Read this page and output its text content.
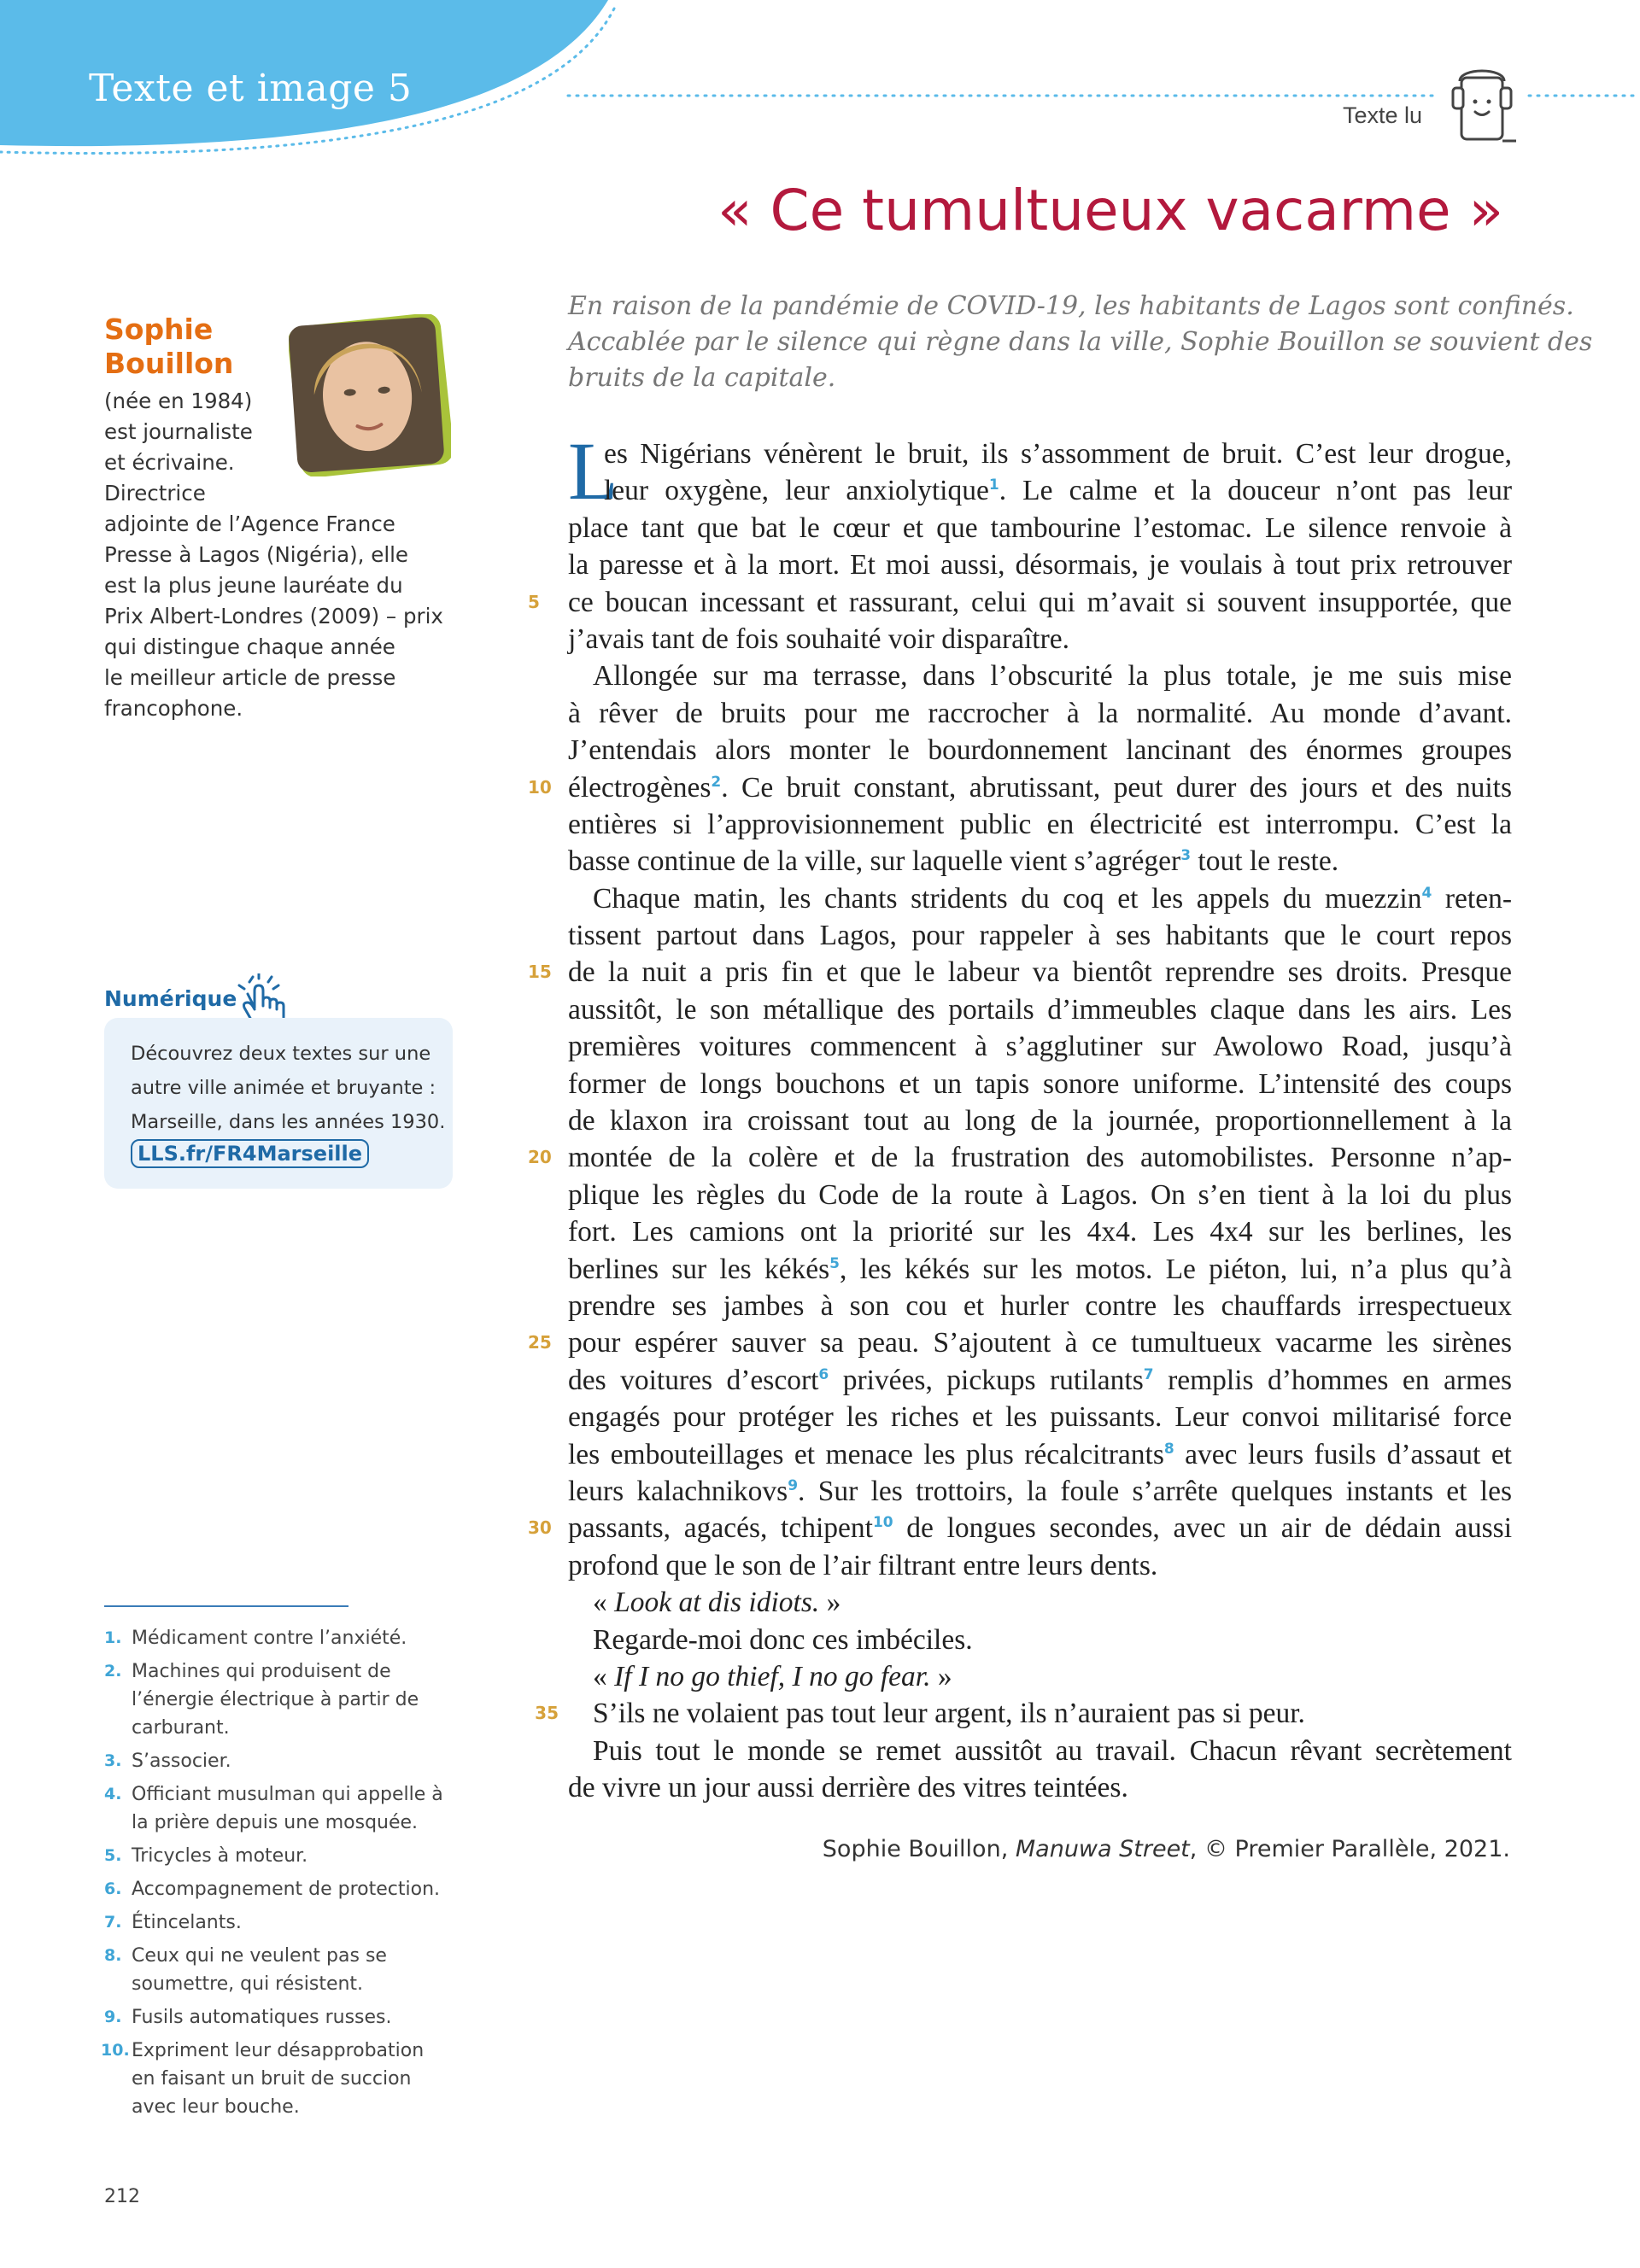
Texte et image 5
Texte lu
« Ce tumultueux vacarme »
Sophie
Bouillon
(née en 1984)
est journaliste
et écrivaine.
Directrice
adjointe de l’Agence France
Presse à Lagos (Nigéria), elle
est la plus jeune lauréate du
Prix Albert-Londres (2009) – prix
qui distingue chaque année
le meilleur article de presse
francophone.
Numérique
Découvrez deux textes sur une
autre ville animée et bruyante :
Marseille, dans les années 1930.
LLS.fr/FR4Marseille
1. Médicament contre l’anxiété.
2. Machines qui produisent de
l’énergie électrique à partir de
carburant.
3. S’associer.
4. Officiant musulman qui appelle à
la prière depuis une mosquée.
5. Tricycles à moteur.
6. Accompagnement de protection.
7. Étincelants.
8. Ceux qui ne veulent pas se
soumettre, qui résistent.
9. Fusils automatiques russes.
10. Expriment leur désapprobation
en faisant un bruit de succion
avec leur bouche.
212
En raison de la pandémie de COVID-19, les habitants de Lagos sont confinés.
Accablée par le silence qui règne dans la ville, Sophie Bouillon se souvient des
bruits de la capitale.
L
es Nigérians vénèrent le bruit, ils s’assomment de bruit. C’est leur drogue,
leur oxygène, leur anxiolytique$^1$. Le calme et la douceur n’ont pas leur
place tant que bat le cœur et que tambourine l’estomac. Le silence renvoie à
la paresse et à la mort. Et moi aussi, désormais, je voulais à tout prix retrouver
5 ce boucan incessant et rassurant, celui qui m’avait si souvent insupportée, que
j’avais tant de fois souhaité voir disparaître.
Allongée sur ma terrasse, dans l’obscurité la plus totale, je me suis mise
à rêver de bruits pour me raccrocher à la normalité. Au monde d’avant.
J’entendais alors monter le bourdonnement lancinant des énormes groupes
10 électrogènes$^2$. Ce bruit constant, abrutissant, peut durer des jours et des nuits
entières si l’approvisionnement public en électricité est interrompu. C’est la
basse continue de la ville, sur laquelle vient s’agréger$^3$ tout le reste.
Chaque matin, les chants stridents du coq et les appels du muezzin$^4$ reten-
tissent partout dans Lagos, pour rappeler à ses habitants que le court repos
15 de la nuit a pris fin et que le labeur va bientôt reprendre ses droits. Presque
aussitôt, le son métallique des portails d’immeubles claque dans les airs. Les
premières voitures commencent à s’agglutiner sur Awolowo Road, jusqu’à
former de longs bouchons et un tapis sonore uniforme. L’intensité des coups
de klaxon ira croissant tout au long de la journée, proportionnellement à la
20 montée de la colère et de la frustration des automobilistes. Personne n’ap-
plique les règles du Code de la route à Lagos. On s’en tient à la loi du plus
fort. Les camions ont la priorité sur les 4x4. Les 4x4 sur les berlines, les
berlines sur les kékés$^5$, les kékés sur les motos. Le piéton, lui, n’a plus qu’à
prendre ses jambes à son cou et hurler contre les chauffards irrespectueux
25 pour espérer sauver sa peau. S’ajoutent à ce tumultueux vacarme les sirènes
des voitures d’escort$^6$ privées, pickups rutilants$^7$ remplis d’hommes en armes
engagés pour protéger les riches et les puissants. Leur convoi militarisé force
les embouteillages et menace les plus récalcitrants$^8$ avec leurs fusils d’assaut et
leurs kalachnikovs$^9$. Sur les trottoirs, la foule s’arrête quelques instants et les
30 passants, agacés, tchipent$^{10}$ de longues secondes, avec un air de dédain aussi
profond que le son de l’air filtrant entre leurs dents.
« Look at dis idiots. »
Regarde-moi donc ces imbéciles.
« If I no go thief, I no go fear. »
35 S’ils ne volaient pas tout leur argent, ils n’auraient pas si peur.
Puis tout le monde se remet aussitôt au travail. Chacun rêvant secrètement
de vivre un jour aussi derrière des vitres teintées.
Sophie Bouillon, Manuwa Street, © Premier Parallèle, 2021.
